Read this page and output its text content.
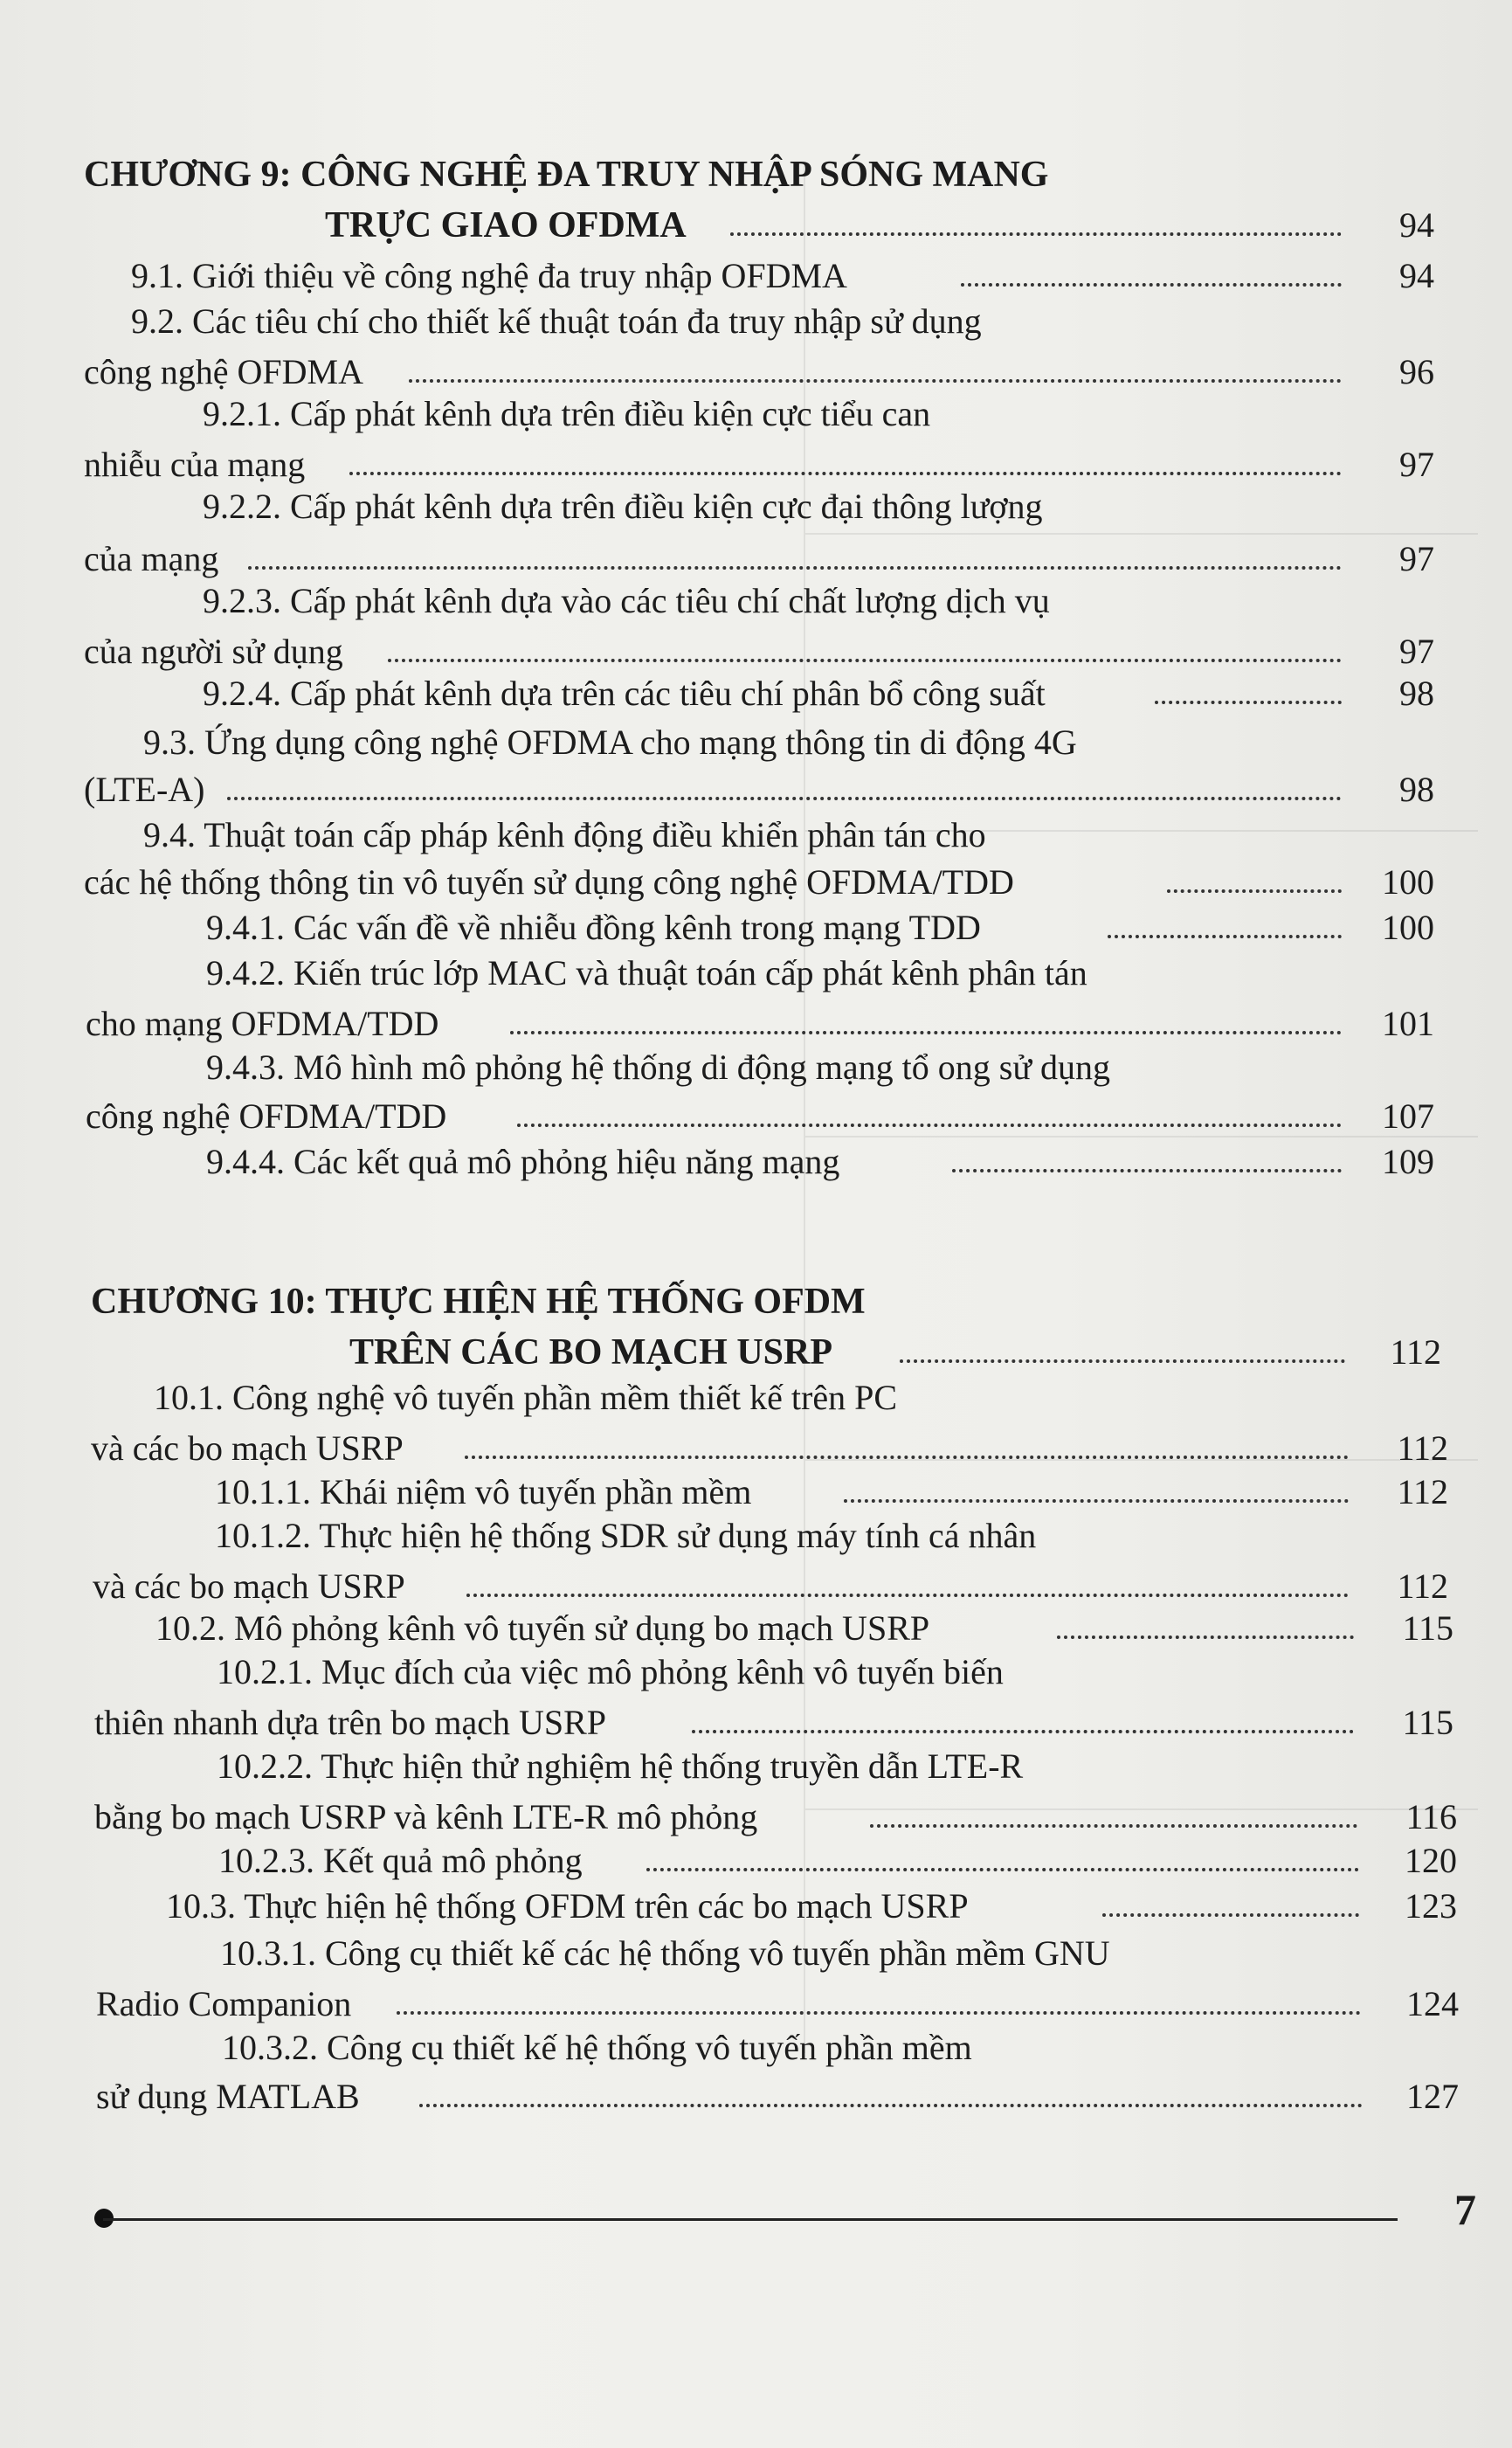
CHƯƠNG 9: CÔNG NGHỆ ĐA TRUY NHẬP SÓNG MANG
TRỰC GIAO OFDMA	94
9.1. Giới thiệu về công nghệ đa truy nhập OFDMA	94
9.2. Các tiêu chí cho thiết kế thuật toán đa truy nhập sử dụng
công nghệ OFDMA	96
9.2.1. Cấp phát kênh dựa trên điều kiện cực tiểu can
nhiễu của mạng	97
9.2.2. Cấp phát kênh dựa trên điều kiện cực đại thông lượng
của mạng	97
9.2.3. Cấp phát kênh dựa vào các tiêu chí chất lượng dịch vụ
của người sử dụng	97
9.2.4. Cấp phát kênh dựa trên các tiêu chí phân bổ công suất	98
9.3. Ứng dụng công nghệ OFDMA cho mạng thông tin di động 4G
(LTE-A)	98
9.4. Thuật toán cấp pháp kênh động điều khiển phân tán cho
các hệ thống thông tin vô tuyến sử dụng công nghệ OFDMA/TDD	100
9.4.1. Các vấn đề về nhiễu đồng kênh trong mạng TDD	100
9.4.2. Kiến trúc lớp MAC và thuật toán cấp phát kênh phân tán
cho mạng OFDMA/TDD	101
9.4.3. Mô hình mô phỏng hệ thống di động mạng tổ ong sử dụng
công nghệ OFDMA/TDD	107
9.4.4. Các kết quả mô phỏng hiệu năng mạng	109
CHƯƠNG 10: THỰC HIỆN HỆ THỐNG OFDM
TRÊN CÁC BO MẠCH USRP	112
10.1. Công nghệ vô tuyến phần mềm thiết kế trên PC
và các bo mạch USRP	112
10.1.1. Khái niệm vô tuyến phần mềm	112
10.1.2. Thực hiện hệ thống SDR sử dụng máy tính cá nhân
và các bo mạch USRP	112
10.2. Mô phỏng kênh vô tuyến sử dụng bo mạch USRP	115
10.2.1. Mục đích của việc mô phỏng kênh vô tuyến biến
thiên nhanh dựa trên bo mạch USRP	115
10.2.2. Thực hiện thử nghiệm hệ thống truyền dẫn LTE-R
bằng bo mạch USRP và kênh LTE-R mô phỏng	116
10.2.3. Kết quả mô phỏng	120
10.3. Thực hiện hệ thống OFDM trên các bo mạch USRP	123
10.3.1. Công cụ thiết kế các hệ thống vô tuyến phần mềm GNU
Radio Companion	124
10.3.2. Công cụ thiết kế hệ thống vô tuyến phần mềm
sử dụng MATLAB	127
7
